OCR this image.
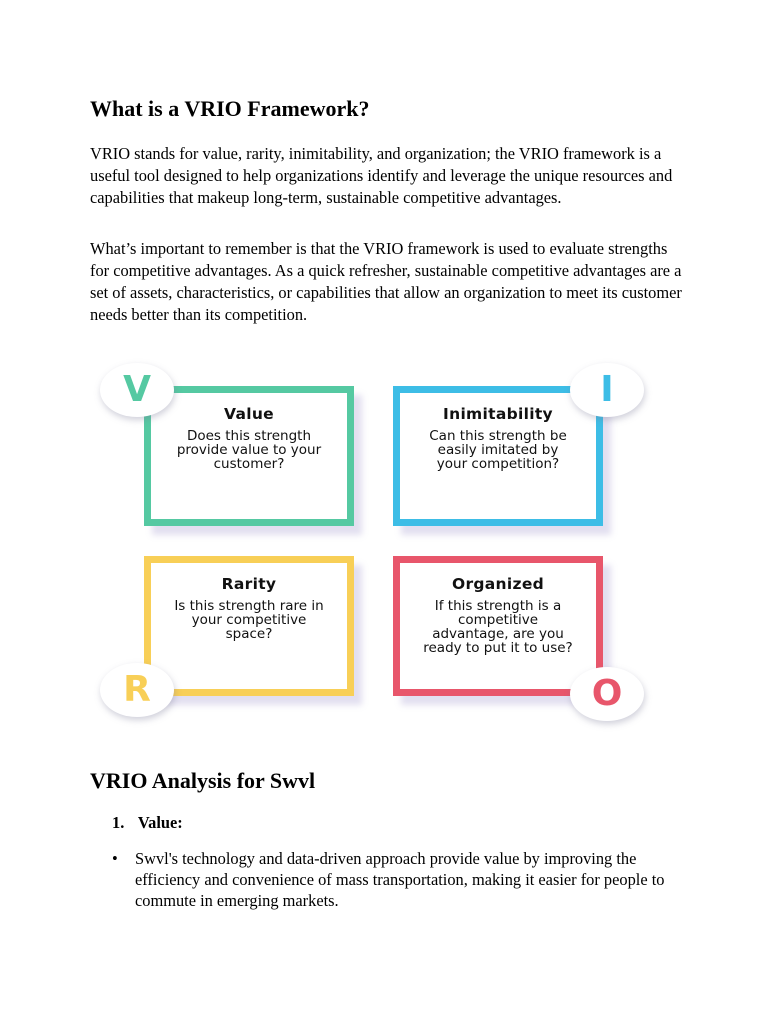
What is a VRIO Framework?

VRIO stands for value, rarity, inimitability, and organization; the VRIO framework is a useful tool designed to help organizations identify and leverage the unique resources and capabilities that makeup long-term, sustainable competitive advantages.

What’s important to remember is that the VRIO framework is used to evaluate strengths for competitive advantages. As a quick refresher, sustainable competitive advantages are a set of assets, characteristics, or capabilities that allow an organization to meet its customer needs better than its competition.

Value
Does this strength provide value to your customer?
Inimitability
Can this strength be easily imitated by your competition?
Rarity
Is this strength rare in your competitive space?
Organized
If this strength is a competitive advantage, are you ready to put it to use?
V	I
R	O
VRIO Analysis for Swvl
1. Value:
•	Swvl's technology and data-driven approach provide value by improving the efficiency and convenience of mass transportation, making it easier for people to commute in emerging markets.
